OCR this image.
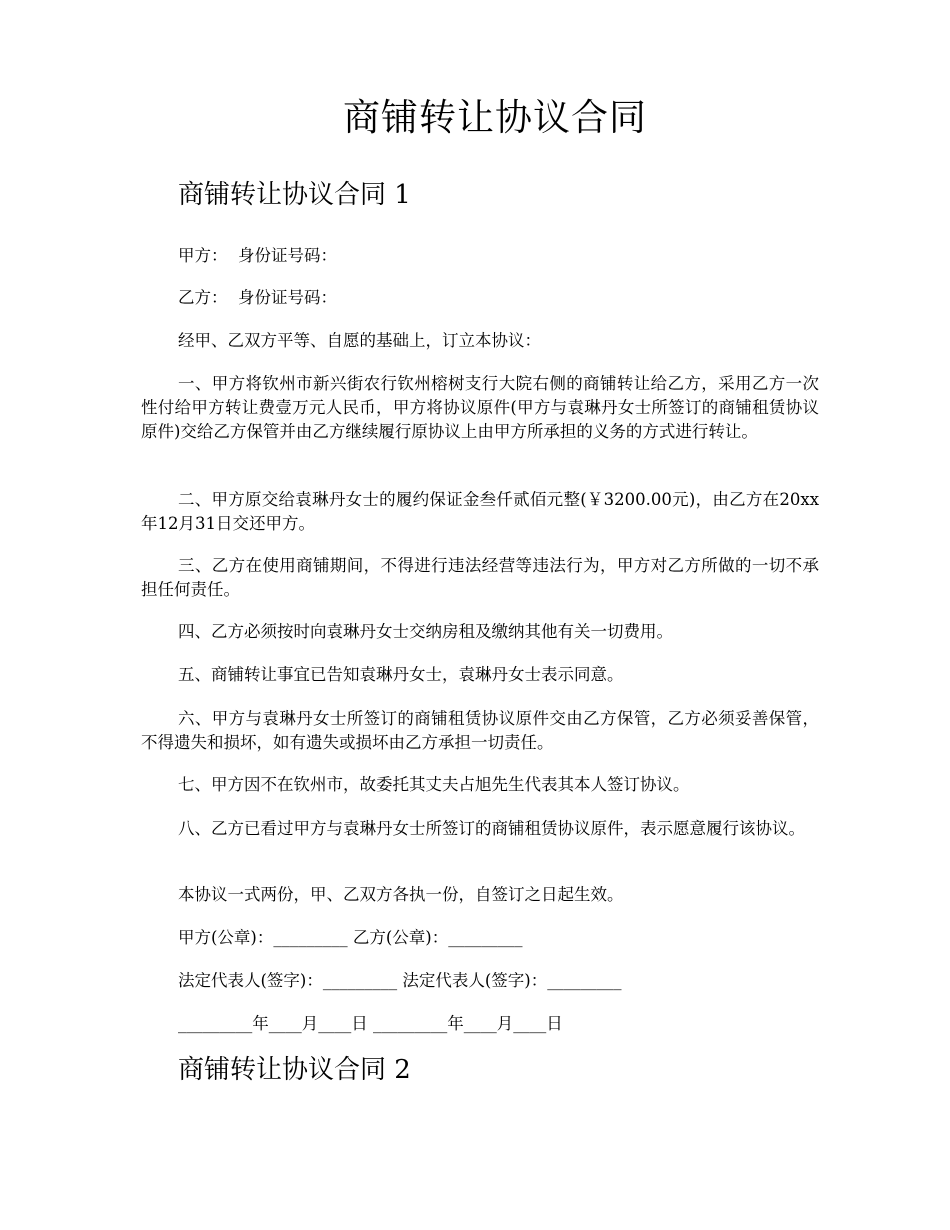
商铺转让协议合同
商铺转让协议合同 1

甲方：  身份证号码：

乙方：  身份证号码：

经甲、乙双方平等、自愿的基础上，订立本协议：

一、甲方将钦州市新兴街农行钦州榕树支行大院右侧的商铺转让给乙方，采用乙方一次性付给甲方转让费壹万元人民币，甲方将协议原件(甲方与袁琳丹女士所签订的商铺租赁协议原件)交给乙方保管并由乙方继续履行原协议上由甲方所承担的义务的方式进行转让。

二、甲方原交给袁琳丹女士的履约保证金叁仟贰佰元整(￥3200.00元)，由乙方在20xx年12月31日交还甲方。

三、乙方在使用商铺期间，不得进行违法经营等违法行为，甲方对乙方所做的一切不承担任何责任。

四、乙方必须按时向袁琳丹女士交纳房租及缴纳其他有关一切费用。

五、商铺转让事宜已告知袁琳丹女士，袁琳丹女士表示同意。

六、甲方与袁琳丹女士所签订的商铺租赁协议原件交由乙方保管，乙方必须妥善保管，不得遗失和损坏，如有遗失或损坏由乙方承担一切责任。

七、甲方因不在钦州市，故委托其丈夫占旭先生代表其本人签订协议。

八、乙方已看过甲方与袁琳丹女士所签订的商铺租赁协议原件，表示愿意履行该协议。

本协议一式两份，甲、乙双方各执一份，自签订之日起生效。

甲方(公章)：_________ 乙方(公章)：_________

法定代表人(签字)：_________ 法定代表人(签字)：_________

_________年____月____日 _________年____月____日

商铺转让协议合同 2
